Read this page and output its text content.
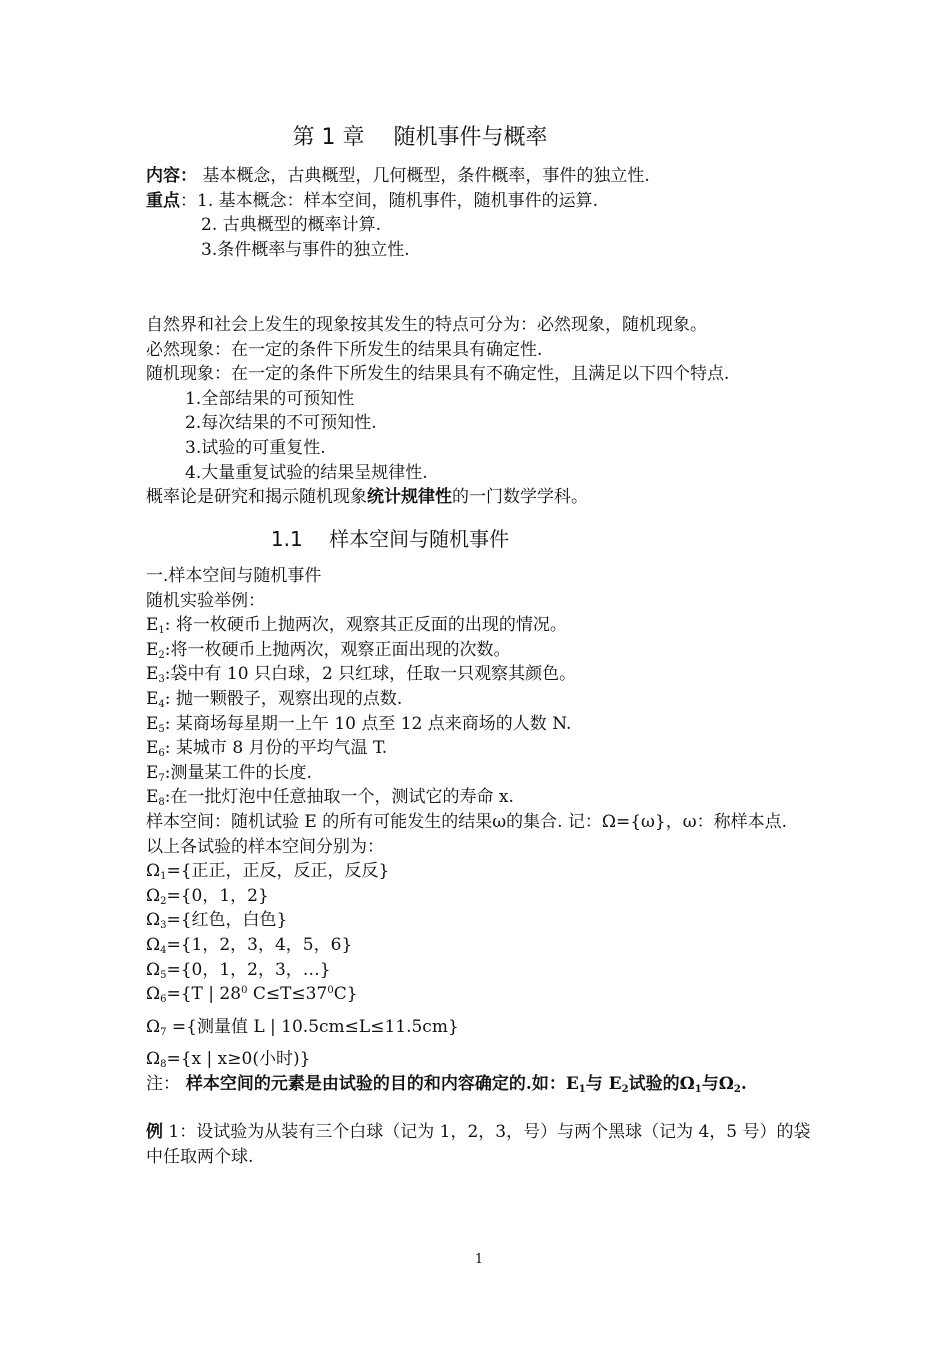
第 1 章　 随机事件与概率
内容： 基本概念，古典概型，几何概型，条件概率，事件的独立性.
重点：1. 基本概念：样本空间，随机事件，随机事件的运算.
2. 古典概型的概率计算.
3.条件概率与事件的独立性.
自然界和社会上发生的现象按其发生的特点可分为：必然现象，随机现象。
必然现象：在一定的条件下所发生的结果具有确定性.
随机现象：在一定的条件下所发生的结果具有不确定性，且满足以下四个特点.
1.全部结果的可预知性
2.每次结果的不可预知性.
3.试验的可重复性.
4.大量重复试验的结果呈规律性.
概率论是研究和揭示随机现象统计规律性的一门数学学科。
1.1　 样本空间与随机事件
一.样本空间与随机事件
随机实验举例：
$E_1$: 将一枚硬币上抛两次，观察其正反面的出现的情况。
$E_2$:将一枚硬币上抛两次，观察正面出现的次数。
$E_3$:袋中有 10 只白球，2 只红球，任取一只观察其颜色。
$E_4$: 抛一颗骰子，观察出现的点数.
$E_5$: 某商场每星期一上午 10 点至 12 点来商场的人数 N.
$E_6$: 某城市 8 月份的平均气温 T.
$E_7$:测量某工件的长度.
$E_8$:在一批灯泡中任意抽取一个，测试它的寿命 x.
样本空间：随机试验 E 的所有可能发生的结果ω的集合. 记：Ω={ω}，ω：称样本点.
以上各试验的样本空间分别为：
$\Omega_1=${正正，正反，反正，反反}
$\Omega_2=\{0$，1，2}
$\Omega_3=${红色，白色}
$\Omega_4=\{1$，2，3，4，5，6}
$\Omega_5=\{0$，1，2，3，…}
$\Omega_6=\{T$ | $28^0$ $C\le T\le 37^0C$}
$\Omega_7$ ={测量值 L | 10.5cm≤L≤11.5cm}
$\Omega_8=\{x$ | x≥0(小时)}
注： 样本空间的元素是由试验的目的和内容确定的.如：$E_1$与 $E_2$试验的$\Omega_1$与$\Omega_2$.
例 1：设试验为从装有三个白球（记为 1，2，3，号）与两个黑球（记为 4，5 号）的袋中任取两个球.
1
